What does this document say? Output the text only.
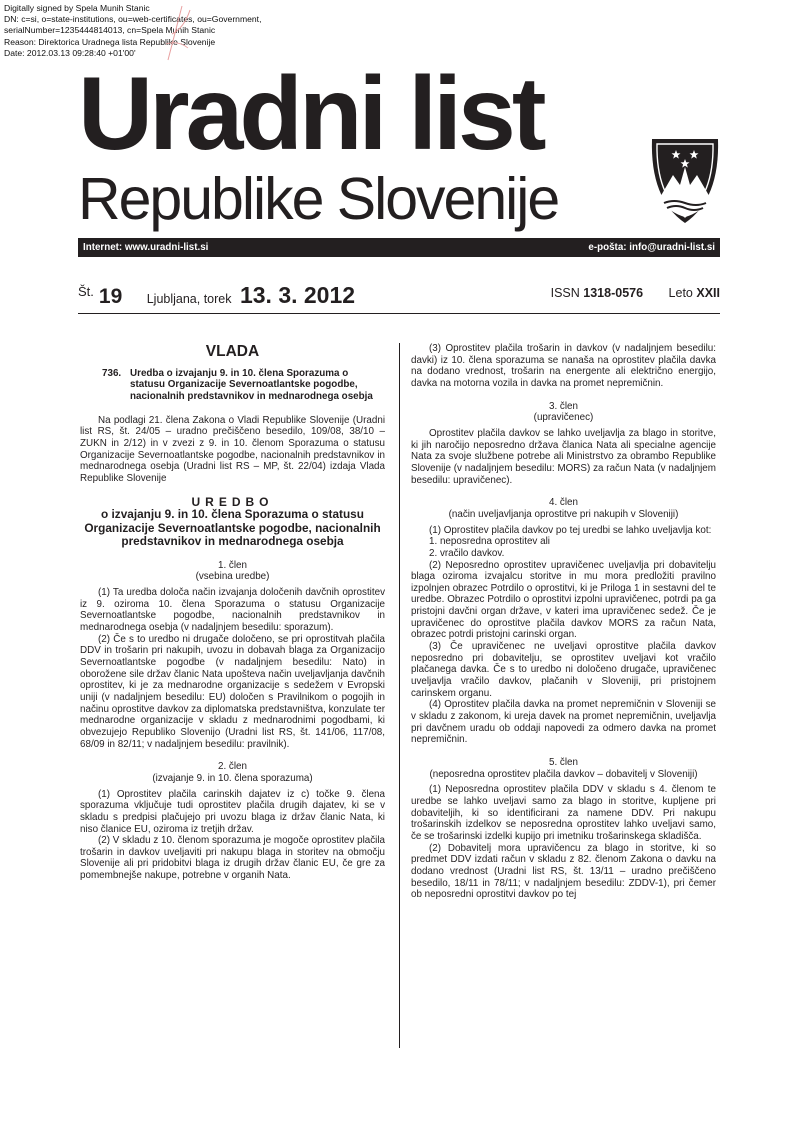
Digitally signed by Spela Munih Stanic
DN: c=si, o=state-institutions, ou=web-certificates, ou=Government,
serialNumber=1235444814013, cn=Spela Munih Stanic
Reason: Direktorica Uradnega lista Republike Slovenije
Date: 2012.03.13 09:28:40 +01'00'
Uradni list
Republike Slovenije
Internet: www.uradni-list.si	e-pošta: info@uradni-list.si
$^{Št.}$ 19 Ljubljana, torek 13. 3. 2012	ISSN 1318-0576 Leto XXII
VLADA
736. Uredba o izvajanju 9. in 10. člena Sporazuma o statusu Organizacije Severnoatlantske pogodbe, nacionalnih predstavnikov in mednarodnega osebja

Na podlagi 21. člena Zakona o Vladi Republike Slovenije (Uradni list RS, št. 24/05 – uradno prečiščeno besedilo, 109/08, 38/10 – ZUKN in 2/12) in v zvezi z 9. in 10. členom Sporazuma o statusu Organizacije Severnoatlantske pogodbe, nacionalnih predstavnikov in mednarodnega osebja (Uradni list RS – MP, št. 22/04) izdaja Vlada Republike Slovenije

UREDBO
o izvajanju 9. in 10. člena Sporazuma o statusu Organizacije Severnoatlantske pogodbe, nacionalnih predstavnikov in mednarodnega osebja
1. člen
(vsebina uredbe)

(1) Ta uredba določa način izvajanja določenih davčnih oprostitev iz 9. oziroma 10. člena Sporazuma o statusu Organizacije Severnoatlantske pogodbe, nacionalnih predstavnikov in mednarodnega osebja (v nadaljnjem besedilu: sporazum).

(2) Če s to uredbo ni drugače določeno, se pri oprostitvah plačila DDV in trošarin pri nakupih, uvozu in dobavah blaga za Organizacijo Severnoatlantske pogodbe (v nadaljnjem besedilu: Nato) in oborožene sile držav članic Nata upošteva način uveljavljanja davčnih oprostitev, ki je za mednarodne organizacije s sedežem v Evropski uniji (v nadaljnjem besedilu: EU) določen s Pravilnikom o pogojih in načinu oprostitve davkov za diplomatska predstavništva, konzulate ter mednarodne organizacije v skladu z mednarodnimi pogodbami, ki obvezujejo Republiko Slovenijo (Uradni list RS, št. 141/06, 117/08, 68/09 in 82/11; v nadaljnjem besedilu: pravilnik).

2. člen
(izvajanje 9. in 10. člena sporazuma)

(1) Oprostitev plačila carinskih dajatev iz c) točke 9. člena sporazuma vključuje tudi oprostitev plačila drugih dajatev, ki se v skladu s predpisi plačujejo pri uvozu blaga iz držav članic Nata, ki niso članice EU, oziroma iz tretjih držav.

(2) V skladu z 10. členom sporazuma je mogoče oprostitev plačila trošarin in davkov uveljaviti pri nakupu blaga in storitev na območju Slovenije ali pri pridobitvi blaga iz drugih držav članic EU, če gre za pomembnejše nakupe, potrebne v organih Nata.

(3) Oprostitev plačila trošarin in davkov (v nadaljnjem besedilu: davki) iz 10. člena sporazuma se nanaša na oprostitev plačila davka na dodano vrednost, trošarin na energente ali električno energijo, davka na motorna vozila in davka na promet nepremičnin.

3. člen
(upravičenec)

Oprostitev plačila davkov se lahko uveljavlja za blago in storitve, ki jih naročijo neposredno država članica Nata ali specialne agencije Nata za svoje službene potrebe ali Ministrstvo za obrambo Republike Slovenije (v nadaljnjem besedilu: MORS) za račun Nata (v nadaljnjem besedilu: upravičenec).

4. člen
(način uveljavljanja oprostitve pri nakupih v Sloveniji)

(1) Oprostitev plačila davkov po tej uredbi se lahko uveljavlja kot:

1. neposredna oprostitev ali

2. vračilo davkov.

(2) Neposredno oprostitev upravičenec uveljavlja pri dobavitelju blaga oziroma izvajalcu storitve in mu mora predložiti pravilno izpolnjen obrazec Potrdilo o oprostitvi, ki je Priloga 1 in sestavni del te uredbe. Obrazec Potrdilo o oprostitvi izpolni upravičenec, potrdi pa ga pristojni davčni organ države, v kateri ima upravičenec sedež. Če je upravičenec do oprostitve plačila davkov MORS za račun Nata, obrazec potrdi pristojni carinski organ.

(3) Če upravičenec ne uveljavi oprostitve plačila davkov neposredno pri dobavitelju, se oprostitev uveljavi kot vračilo plačanega davka. Če s to uredbo ni določeno drugače, upravičenec uveljavlja vračilo davkov, plačanih v Sloveniji, pri pristojnem carinskem organu.

(4) Oprostitev plačila davka na promet nepremičnin v Sloveniji se v skladu z zakonom, ki ureja davek na promet nepremičnin, uveljavlja pri davčnem uradu ob oddaji napovedi za odmero davka na promet nepremičnin.

5. člen
(neposredna oprostitev plačila davkov – dobavitelj v Sloveniji)

(1) Neposredna oprostitev plačila DDV v skladu s 4. členom te uredbe se lahko uveljavi samo za blago in storitve, kupljene pri dobaviteljih, ki so identificirani za namene DDV. Pri nakupu trošarinskih izdelkov se neposredna oprostitev lahko uveljavi samo, če se trošarinski izdelki kupijo pri imetniku trošarinskega skladišča.

(2) Dobavitelj mora upravičencu za blago in storitve, ki so predmet DDV izdati račun v skladu z 82. členom Zakona o davku na dodano vrednost (Uradni list RS, št. 13/11 – uradno prečiščeno besedilo, 18/11 in 78/11; v nadaljnjem besedilu: ZDDV-1), pri čemer ob neposredni oprostitvi davkov po tej
